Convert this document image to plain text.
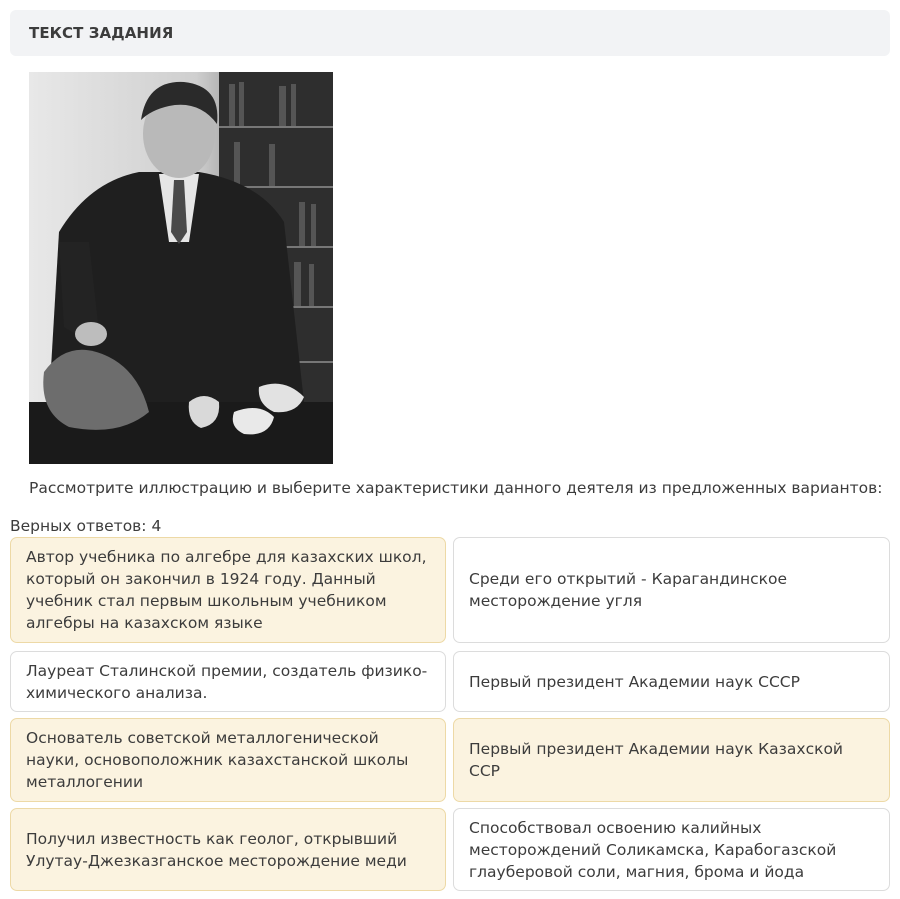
ТЕКСТ ЗАДАНИЯ
Рассмотрите иллюстрацию и выберите характеристики данного деятеля из предложенных вариантов:
Верных ответов: 4
Автор учебника по алгебре для казахских школ, который он закончил в 1924 году. Данный учебник стал первым школьным учебником алгебры на казахском языке
Среди его открытий - Карагандинское месторождение угля
Лауреат Сталинской премии, создатель физико-химического анализа.
Первый президент Академии наук СССР
Основатель советской металлогенической науки, основоположник казахстанской школы металлогении
Первый президент Академии наук Казахской ССР
Получил известность как геолог, открывший Улутау-Джезказганское месторождение меди
Способствовал освоению калийных месторождений Соликамска, Карабогазской глауберовой соли, магния, брома и йода
